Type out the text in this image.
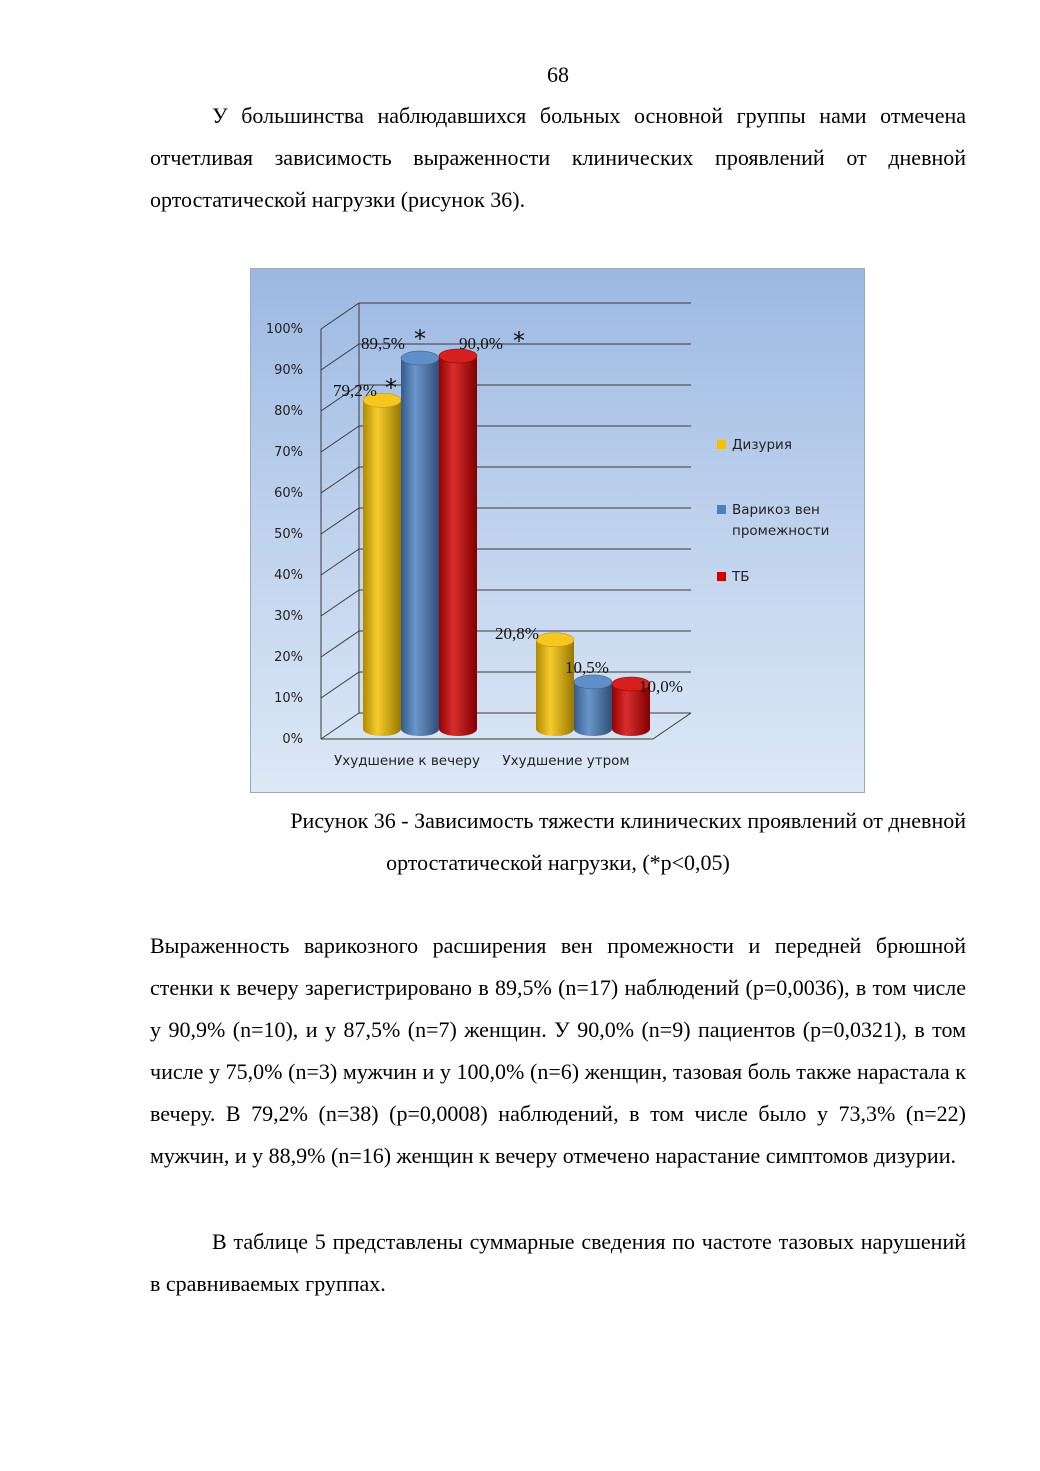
68

У большинства наблюдавшихся больных основной группы нами отмечена отчетливая зависимость выраженности клинических проявлений от дневной ортостатической нагрузки (рисунок 36).

0%
10%
20%
30%
40%
50%
60%
70%
80%
90%
100%
79,2% *
89,5% * 90,0% *
20,8%
10,5%
10,0%
Ухудшение к вечеру Ухудшение утром
Дизурия
Варикоз вен
промежности
ТБ
Рисунок 36 - Зависимость тяжести клинических проявлений от дневной
ортостатической нагрузки, (*р<0,05)

Выраженность варикозного расширения вен промежности и передней брюшной стенки к вечеру зарегистрировано в 89,5% (n=17) наблюдений (р=0,0036), в том числе у 90,9% (n=10), и у 87,5% (n=7) женщин. У 90,0% (n=9) пациентов (р=0,0321), в том числе у 75,0% (n=3) мужчин и у 100,0% (n=6) женщин, тазовая боль также нарастала к вечеру. В 79,2% (n=38) (р=0,0008) наблюдений, в том числе было у 73,3% (n=22) мужчин, и у 88,9% (n=16) женщин к вечеру отмечено нарастание симптомов дизурии.

В таблице 5 представлены суммарные сведения по частоте тазовых нарушений в сравниваемых группах.
